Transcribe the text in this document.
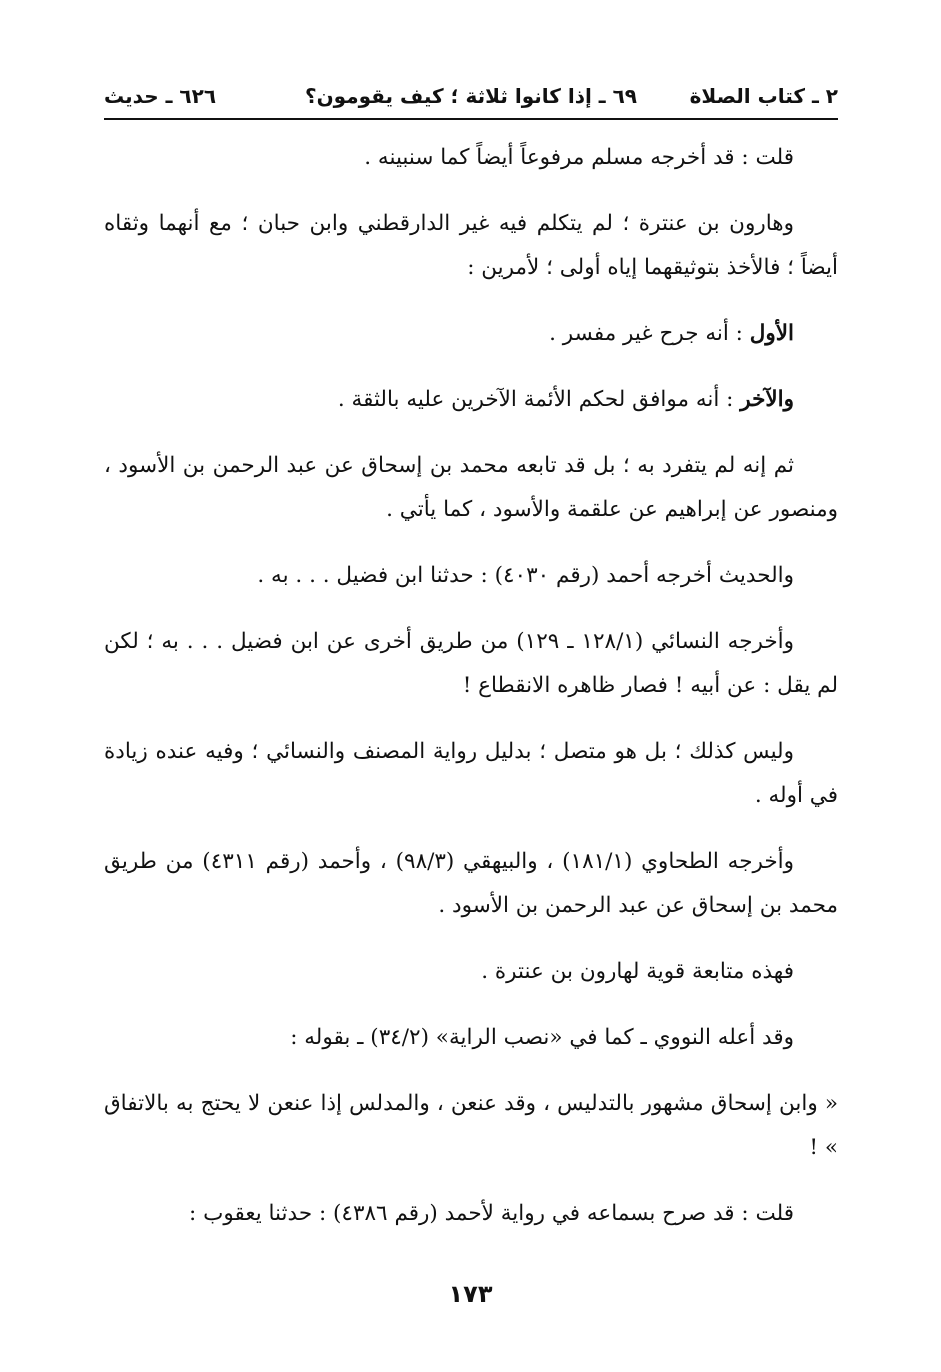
٢ ـ كتاب الصلاة
٦٩ ـ إذا كانوا ثلاثة ؛ كيف يقومون؟
٦٢٦ ـ حديث

قلت : قد أخرجه مسلم مرفوعاً أيضاً كما سنبينه .

وهارون بن عنترة ؛ لم يتكلم فيه غير الدارقطني وابن حبان ؛ مع أنهما وثقاه أيضاً ؛ فالأخذ بتوثيقهما إياه أولى ؛ لأمرين :

الأول : أنه جرح غير مفسر .

والآخر : أنه موافق لحكم الأئمة الآخرين عليه بالثقة .

ثم إنه لم يتفرد به ؛ بل قد تابعه محمد بن إسحاق عن عبد الرحمن بن الأسود ، ومنصور عن إبراهيم عن علقمة والأسود ، كما يأتي .

والحديث أخرجه أحمد (رقم ٤٠٣٠) : حدثنا ابن فضيل . . . به .

وأخرجه النسائي (١٢٨/١ ـ ١٢٩) من طريق أخرى عن ابن فضيل . . . به ؛ لكن لم يقل : عن أبيه ! فصار ظاهره الانقطاع !

وليس كذلك ؛ بل هو متصل ؛ بدليل رواية المصنف والنسائي ؛ وفيه عنده زيادة في أوله .

وأخرجه الطحاوي (١٨١/١) ، والبيهقي (٩٨/٣) ، وأحمد (رقم ٤٣١١) من طريق محمد بن إسحاق عن عبد الرحمن بن الأسود .

فهذه متابعة قوية لهارون بن عنترة .

وقد أعله النووي ـ كما في «نصب الراية» (٣٤/٢) ـ بقوله :

« وابن إسحاق مشهور بالتدليس ، وقد عنعن ، والمدلس إذا عنعن لا يحتج به بالاتفاق » !

قلت : قد صرح بسماعه في رواية لأحمد (رقم ٤٣٨٦) : حدثنا يعقوب :

١٧٣
